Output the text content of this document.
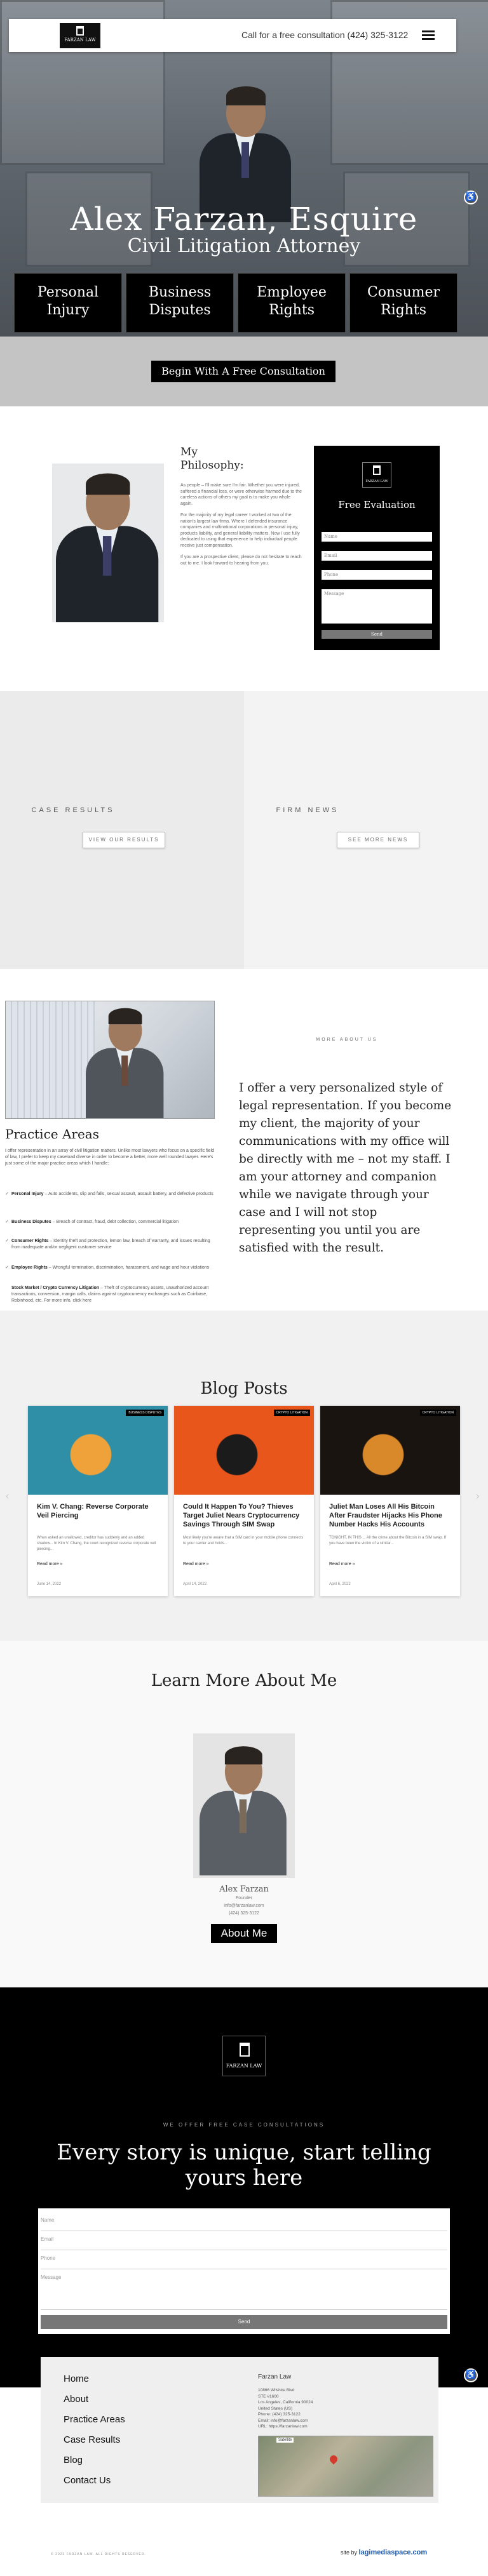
FARZAN LAW	Call for a free consultation (424) 325-3122
Alex Farzan, Esquire
Civil Litigation Attorney
Personal Injury
Business Disputes
Employee Rights
Consumer Rights
♿
Begin With A Free Consultation
My Philosophy:

As people – I'll make sure I'm fair. Whether you were injured, suffered a financial loss, or were otherwise harmed due to the careless actions of others my goal is to make you whole again.

For the majority of my legal career I worked at two of the nation's largest law firms. Where I defended insurance companies and multinational corporations in personal injury, products liability, and general liability matters. Now I use fully dedicated to using that experience to help individual people receive just compensation.

If you are a prospective client, please do not hesitate to reach out to me. I look forward to hearing from you.

FARZAN LAW
Free Evaluation
Name
Email
Phone
Message
Send
CASE RESULTS
VIEW OUR RESULTS
FIRM NEWS
SEE MORE NEWS
Practice Areas
I offer representation in an array of civil litigation matters. Unlike most lawyers who focus on a specific field of law, I prefer to keep my caseload diverse in order to become a better, more well rounded lawyer. Here's just some of the major practice areas which I handle:
✓ Personal Injury – Auto accidents, slip and falls, sexual assault, assault battery, and defective products
✓ Business Disputes – Breach of contract, fraud, debt collection, commercial litigation
✓ Consumer Rights – Identity theft and protection, lemon law, breach of warranty, and issues resulting from inadequate and/or negligent customer service
✓ Employee Rights – Wrongful termination, discrimination, harassment, and wage and hour violations
Stock Market / Crypto Currency Litigation – Theft of cryptocurrency assets, unauthorized account transactions, conversion, margin calls, claims against cryptocurrency exchanges such as Coinbase, Robinhood, etc. For more info, click here
MORE ABOUT US
I offer a very personalized style of legal representation. If you become my client, the majority of your communications with my office will be directly with me – not my staff. I am your attorney and companion while we navigate through your case and I will not stop representing you until you are satisfied with the result.
Blog Posts
BUSINESS DISPUTES
Kim V. Chang: Reverse Corporate Veil Piercing
When asked an unallowed, creditor has suddenly and an added shadow... In Kim V. Chang, the court recognized reverse corporate veil piercing...
Read more »
June 14, 2022
CRYPTO LITIGATION
Could It Happen To You? Thieves Target Juliet Nears Cryptocurrency Savings Through SIM Swap
Most likely you're aware that a SIM card in your mobile phone connects to your carrier and holds...
Read more »
April 14, 2022
CRYPTO LITIGATION
Juliet Man Loses All His Bitcoin After Fraudster Hijacks His Phone Number Hacks His Accounts
TONIGHT, IN THIS ... All the crime about the Bitcoin in a SIM swap. If you have been the victim of a similar...
Read more »
April 6, 2022
‹	›
Learn More About Me
Alex Farzan
Founder
info@farzanlaw.com
(424) 325-3122
About Me
FARZAN LAW
WE OFFER FREE CASE CONSULTATIONS
Every story is unique, start telling yours here
Name
Email
Phone
Message
Send
♿
Home
About
Practice Areas
Case Results
Blog
Contact Us
Farzan Law
10866 Wilshire Blvd
STE #1600
Los Angeles, California 90024
United States (US)
Phone: (424) 325-3122
Email: info@farzanlaw.com
URL: https://farzanlaw.com
Satellite
© 2022 FARZAN LAW. ALL RIGHTS RESERVED.	site by lagimediaspace.com
